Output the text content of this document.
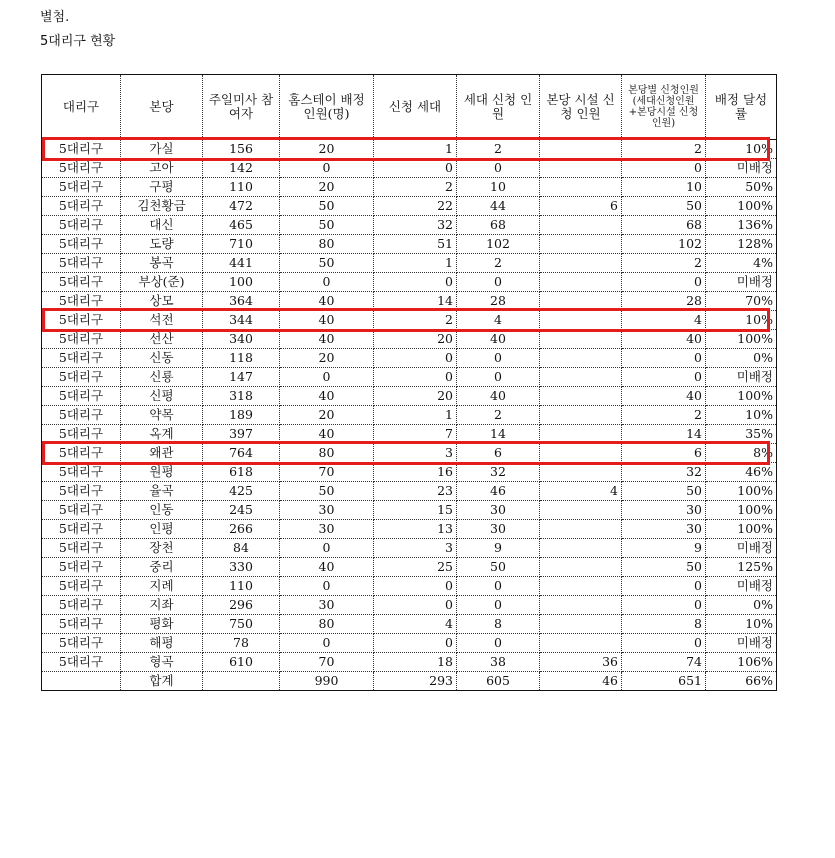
별첨.
5대리구 현황
대리구	본당	주일미사 참여자	홈스테이 배정 인원(명)	신청 세대	세대 신청 인원	본당 시설 신청 인원	본당별 신청인원 (세대신청인원+본당시설 신청인원)	배정 달성률
5대리구	가실	156	20	1	2		2	10%
5대리구	고아	142	0	0	0		0	미배정
5대리구	구평	110	20	2	10		10	50%
5대리구	김천황금	472	50	22	44	6	50	100%
5대리구	대신	465	50	32	68		68	136%
5대리구	도량	710	80	51	102		102	128%
5대리구	봉곡	441	50	1	2		2	4%
5대리구	부상(준)	100	0	0	0		0	미배정
5대리구	상모	364	40	14	28		28	70%
5대리구	석전	344	40	2	4		4	10%
5대리구	선산	340	40	20	40		40	100%
5대리구	신동	118	20	0	0		0	0%
5대리구	신룡	147	0	0	0		0	미배정
5대리구	신평	318	40	20	40		40	100%
5대리구	약목	189	20	1	2		2	10%
5대리구	옥계	397	40	7	14		14	35%
5대리구	왜관	764	80	3	6		6	8%
5대리구	원평	618	70	16	32		32	46%
5대리구	율곡	425	50	23	46	4	50	100%
5대리구	인동	245	30	15	30		30	100%
5대리구	인평	266	30	13	30		30	100%
5대리구	장천	84	0	3	9		9	미배정
5대리구	중리	330	40	25	50		50	125%
5대리구	지례	110	0	0	0		0	미배정
5대리구	지좌	296	30	0	0		0	0%
5대리구	평화	750	80	4	8		8	10%
5대리구	해평	78	0	0	0		0	미배정
5대리구	형곡	610	70	18	38	36	74	106%
	합계		990	293	605	46	651	66%
